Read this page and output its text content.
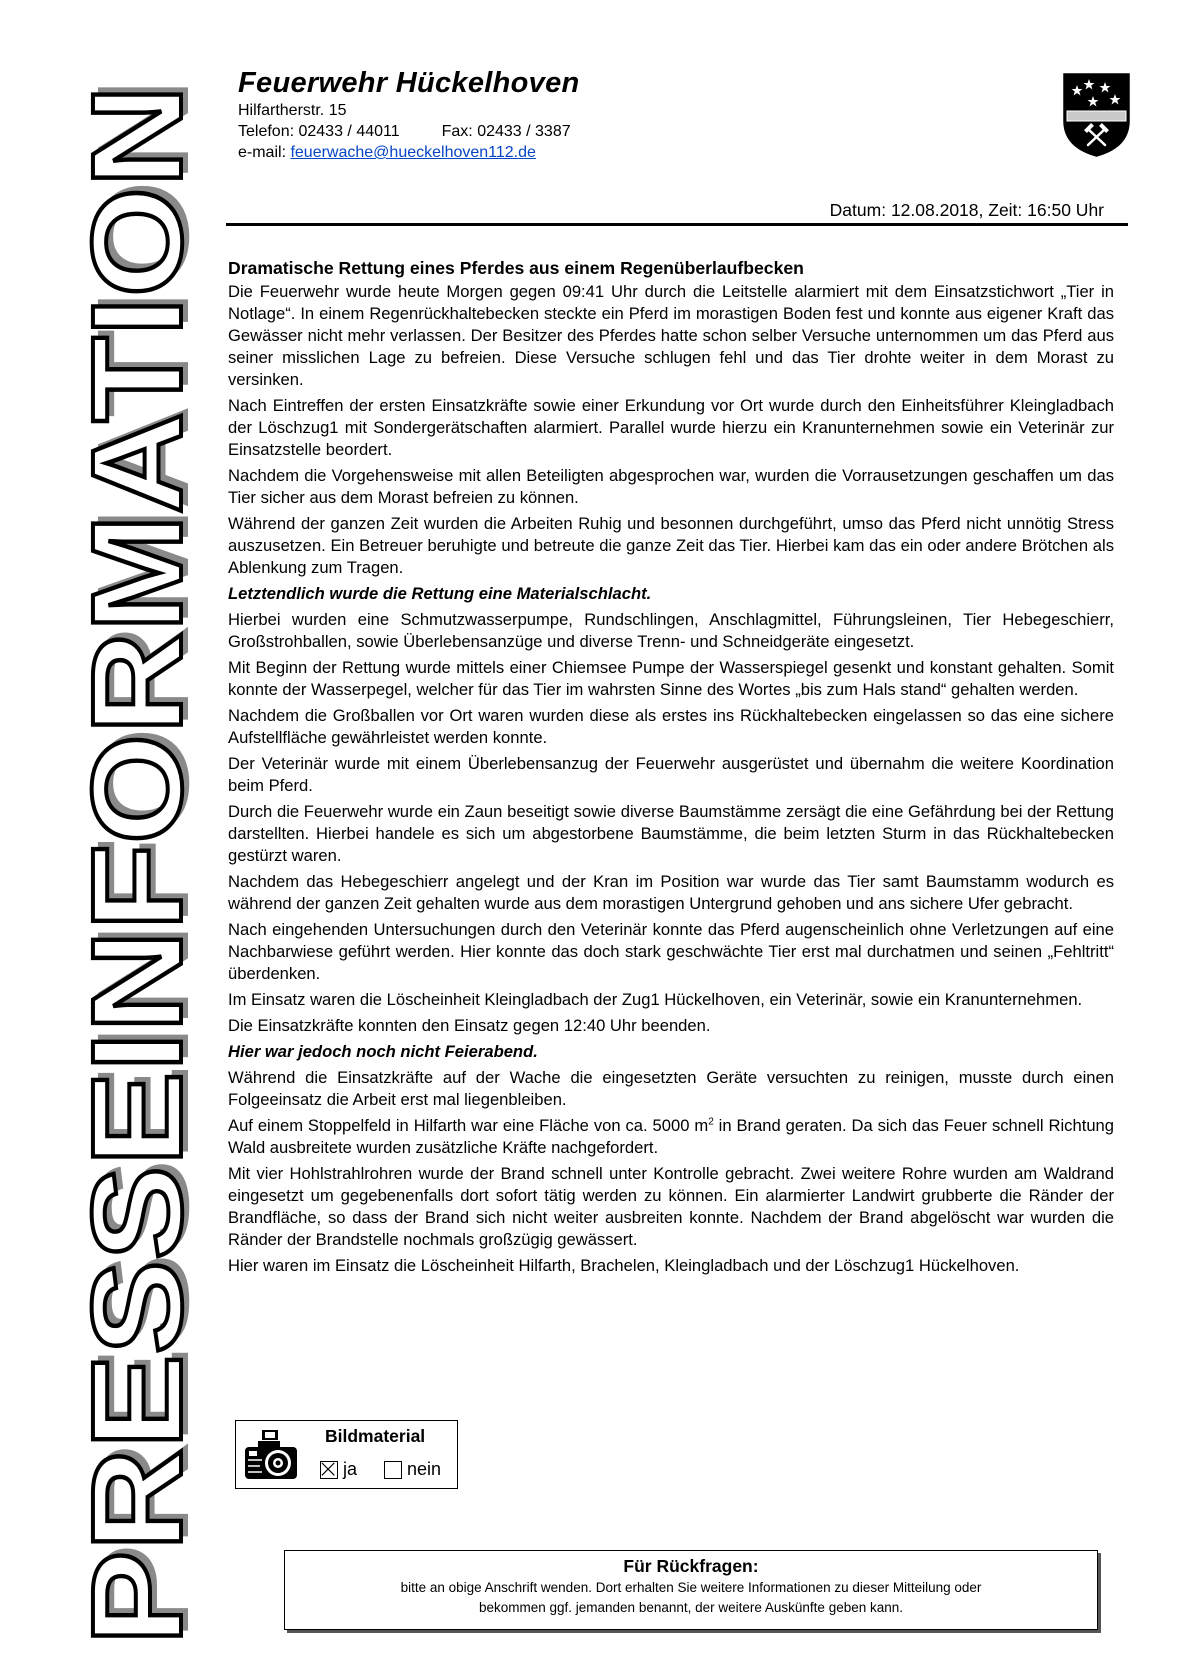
PRESSEINFORMATION
PRESSEINFORMATION
Feuerwehr Hückelhoven
Hilfartherstr. 15
Telefon: 02433 / 44011	Fax: 02433 / 3387
e-mail: feuerwache@hueckelhoven112.de
Datum: 12.08.2018, Zeit: 16:50 Uhr
Dramatische Rettung eines Pferdes aus einem Regenüberlaufbecken

Die Feuerwehr wurde heute Morgen gegen 09:41 Uhr durch die Leitstelle alarmiert mit dem Einsatzstichwort „Tier in Notlage“. In einem Regenrückhaltebecken steckte ein Pferd im morastigen Boden fest und konnte aus eigener Kraft das Gewässer nicht mehr verlassen. Der Besitzer des Pferdes hatte schon selber Versuche unternommen um das Pferd aus seiner misslichen Lage zu befreien. Diese Versuche schlugen fehl und das Tier drohte weiter in dem Morast zu versinken.

Nach Eintreffen der ersten Einsatzkräfte sowie einer Erkundung vor Ort wurde durch den Einheitsführer Kleingladbach der Löschzug1 mit Sondergerätschaften alarmiert. Parallel wurde hierzu ein Kranunternehmen sowie ein Veterinär zur Einsatzstelle beordert.

Nachdem die Vorgehensweise mit allen Beteiligten abgesprochen war, wurden die Vorrausetzungen geschaffen um das Tier sicher aus dem Morast befreien zu können.

Während der ganzen Zeit wurden die Arbeiten Ruhig und besonnen durchgeführt, umso das Pferd nicht unnötig Stress auszusetzen. Ein Betreuer beruhigte und betreute die ganze Zeit das Tier. Hierbei kam das ein oder andere Brötchen als Ablenkung zum Tragen.

Letztendlich wurde die Rettung eine Materialschlacht.

Hierbei wurden eine Schmutzwasserpumpe, Rundschlingen, Anschlagmittel, Führungsleinen, Tier Hebegeschierr, Großstrohballen, sowie Überlebensanzüge und diverse Trenn- und Schneidgeräte eingesetzt.

Mit Beginn der Rettung wurde mittels einer Chiemsee Pumpe der Wasserspiegel gesenkt und konstant gehalten. Somit konnte der Wasserpegel, welcher für das Tier im wahrsten Sinne des Wortes „bis zum Hals stand“ gehalten werden.

Nachdem die Großballen vor Ort waren wurden diese als erstes ins Rückhaltebecken eingelassen so das eine sichere Aufstellfläche gewährleistet werden konnte.

Der Veterinär wurde mit einem Überlebensanzug der Feuerwehr ausgerüstet und übernahm die weitere Koordination beim Pferd.

Durch die Feuerwehr wurde ein Zaun beseitigt sowie diverse Baumstämme zersägt die eine Gefährdung bei der Rettung darstellten. Hierbei handele es sich um abgestorbene Baumstämme, die beim letzten Sturm in das Rückhaltebecken gestürzt waren.

Nachdem das Hebegeschierr angelegt und der Kran im Position war wurde das Tier samt Baumstamm wodurch es während der ganzen Zeit gehalten wurde aus dem morastigen Untergrund gehoben und ans sichere Ufer gebracht.

Nach eingehenden Untersuchungen durch den Veterinär konnte das Pferd augenscheinlich ohne Verletzungen auf eine Nachbarwiese geführt werden. Hier konnte das doch stark geschwächte Tier erst mal durchatmen und seinen „Fehltritt“ überdenken.

Im Einsatz waren die Löscheinheit Kleingladbach der Zug1 Hückelhoven, ein Veterinär, sowie ein Kranunternehmen.

Die Einsatzkräfte konnten den Einsatz gegen 12:40 Uhr beenden.

Hier war jedoch noch nicht Feierabend.

Während die Einsatzkräfte auf der Wache die eingesetzten Geräte versuchten zu reinigen, musste durch einen Folgeeinsatz die Arbeit erst mal liegenbleiben.

Auf einem Stoppelfeld in Hilfarth war eine Fläche von ca. 5000 $m^2$ in Brand geraten. Da sich das Feuer schnell Richtung Wald ausbreitete wurden zusätzliche Kräfte nachgefordert.

Mit vier Hohlstrahlrohren wurde der Brand schnell unter Kontrolle gebracht. Zwei weitere Rohre wurden am Waldrand eingesetzt um gegebenenfalls dort sofort tätig werden zu können. Ein alarmierter Landwirt grubberte die Ränder der Brandfläche, so dass der Brand sich nicht weiter ausbreiten konnte. Nachdem der Brand abgelöscht war wurden die Ränder der Brandstelle nochmals großzügig gewässert.

Hier waren im Einsatz die Löscheinheit Hilfarth, Brachelen, Kleingladbach und der Löschzug1 Hückelhoven.

Bildmaterial
ja	nein
Für Rückfragen:
bitte an obige Anschrift wenden. Dort erhalten Sie weitere Informationen zu dieser Mitteilung oder
bekommen ggf. jemanden benannt, der weitere Auskünfte geben kann.
